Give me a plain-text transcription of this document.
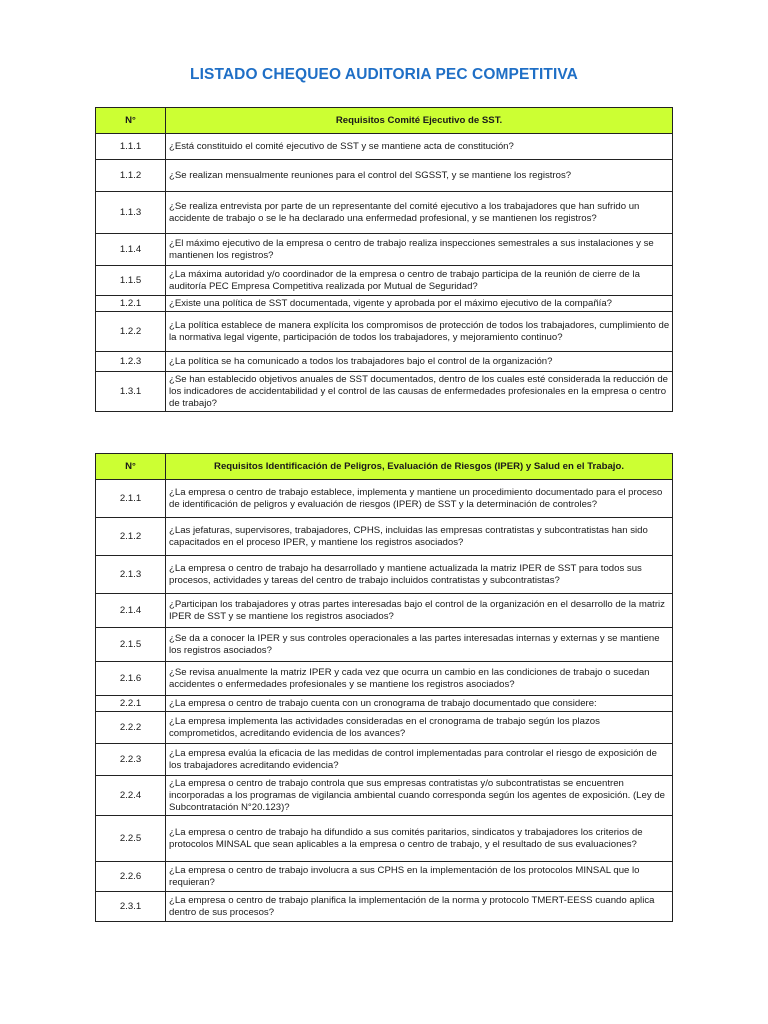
LISTADO CHEQUEO AUDITORIA PEC COMPETITIVA
N°	Requisitos Comité Ejecutivo de SST.
1.1.1	¿Está constituido el comité ejecutivo de SST y se mantiene acta de constitución?
1.1.2	¿Se realizan mensualmente reuniones para el control del SGSST, y se mantiene los registros?
1.1.3	¿Se realiza entrevista por parte de un representante del comité ejecutivo a los trabajadores que han sufrido un accidente de trabajo o se le ha declarado una enfermedad profesional, y se mantienen los registros?
1.1.4	¿El máximo ejecutivo de la empresa o centro de trabajo realiza inspecciones semestrales a sus instalaciones y se mantienen los registros?
1.1.5	¿La máxima autoridad y/o coordinador de la empresa o centro de trabajo participa de la reunión de cierre de la auditoría PEC Empresa Competitiva realizada por Mutual de Seguridad?
1.2.1	¿Existe una política de SST documentada, vigente y aprobada por el máximo ejecutivo de la compañía?
1.2.2	¿La política establece de manera explícita los compromisos de protección de todos los trabajadores, cumplimiento de la normativa legal vigente, participación de todos los trabajadores, y mejoramiento continuo?
1.2.3	¿La política se ha comunicado a todos los trabajadores bajo el control de la organización?
1.3.1	¿Se han establecido objetivos anuales de SST documentados, dentro de los cuales esté considerada la reducción de los indicadores de accidentabilidad y el control de las causas de enfermedades profesionales en la empresa o centro de trabajo?
N°	Requisitos Identificación de Peligros, Evaluación de Riesgos (IPER) y Salud en el Trabajo.
2.1.1	¿La empresa o centro de trabajo establece, implementa y mantiene un procedimiento documentado para el proceso de identificación de peligros y evaluación de riesgos (IPER) de SST y la determinación de controles?
2.1.2	¿Las jefaturas, supervisores, trabajadores, CPHS, incluidas las empresas contratistas y subcontratistas han sido capacitados en el proceso IPER, y mantiene los registros asociados?
2.1.3	¿La empresa o centro de trabajo ha desarrollado y mantiene actualizada la matriz IPER de SST para todos sus procesos, actividades y tareas del centro de trabajo incluidos contratistas y subcontratistas?
2.1.4	¿Participan los trabajadores y otras partes interesadas bajo el control de la organización en el desarrollo de la matriz IPER de SST y se mantiene los registros asociados?
2.1.5	¿Se da a conocer la IPER y sus controles operacionales a las partes interesadas internas y externas y se mantiene los registros asociados?
2.1.6	¿Se revisa anualmente la matriz IPER y cada vez que ocurra un cambio en las condiciones de trabajo o sucedan accidentes o enfermedades profesionales y se mantiene los registros asociados?
2.2.1	¿La empresa o centro de trabajo cuenta con un cronograma de trabajo documentado que considere:
2.2.2	¿La empresa implementa las actividades consideradas en el cronograma de trabajo según los plazos comprometidos, acreditando evidencia de los avances?
2.2.3	¿La empresa evalúa la eficacia de las medidas de control implementadas para controlar el riesgo de exposición de los trabajadores acreditando evidencia?
2.2.4	¿La empresa o centro de trabajo controla que sus empresas contratistas y/o subcontratistas se encuentren incorporadas a los programas de vigilancia ambiental cuando corresponda según los agentes de exposición. (Ley de Subcontratación N°20.123)?
2.2.5	¿La empresa o centro de trabajo ha difundido a sus comités paritarios, sindicatos y trabajadores los criterios de protocolos MINSAL que sean aplicables a la empresa o centro de trabajo, y el resultado de sus evaluaciones?
2.2.6	¿La empresa o centro de trabajo involucra a sus CPHS en la implementación de los protocolos MINSAL que lo requieran?
2.3.1	¿La empresa o centro de trabajo planifica la implementación de la norma y protocolo TMERT-EESS cuando aplica dentro de sus procesos?
